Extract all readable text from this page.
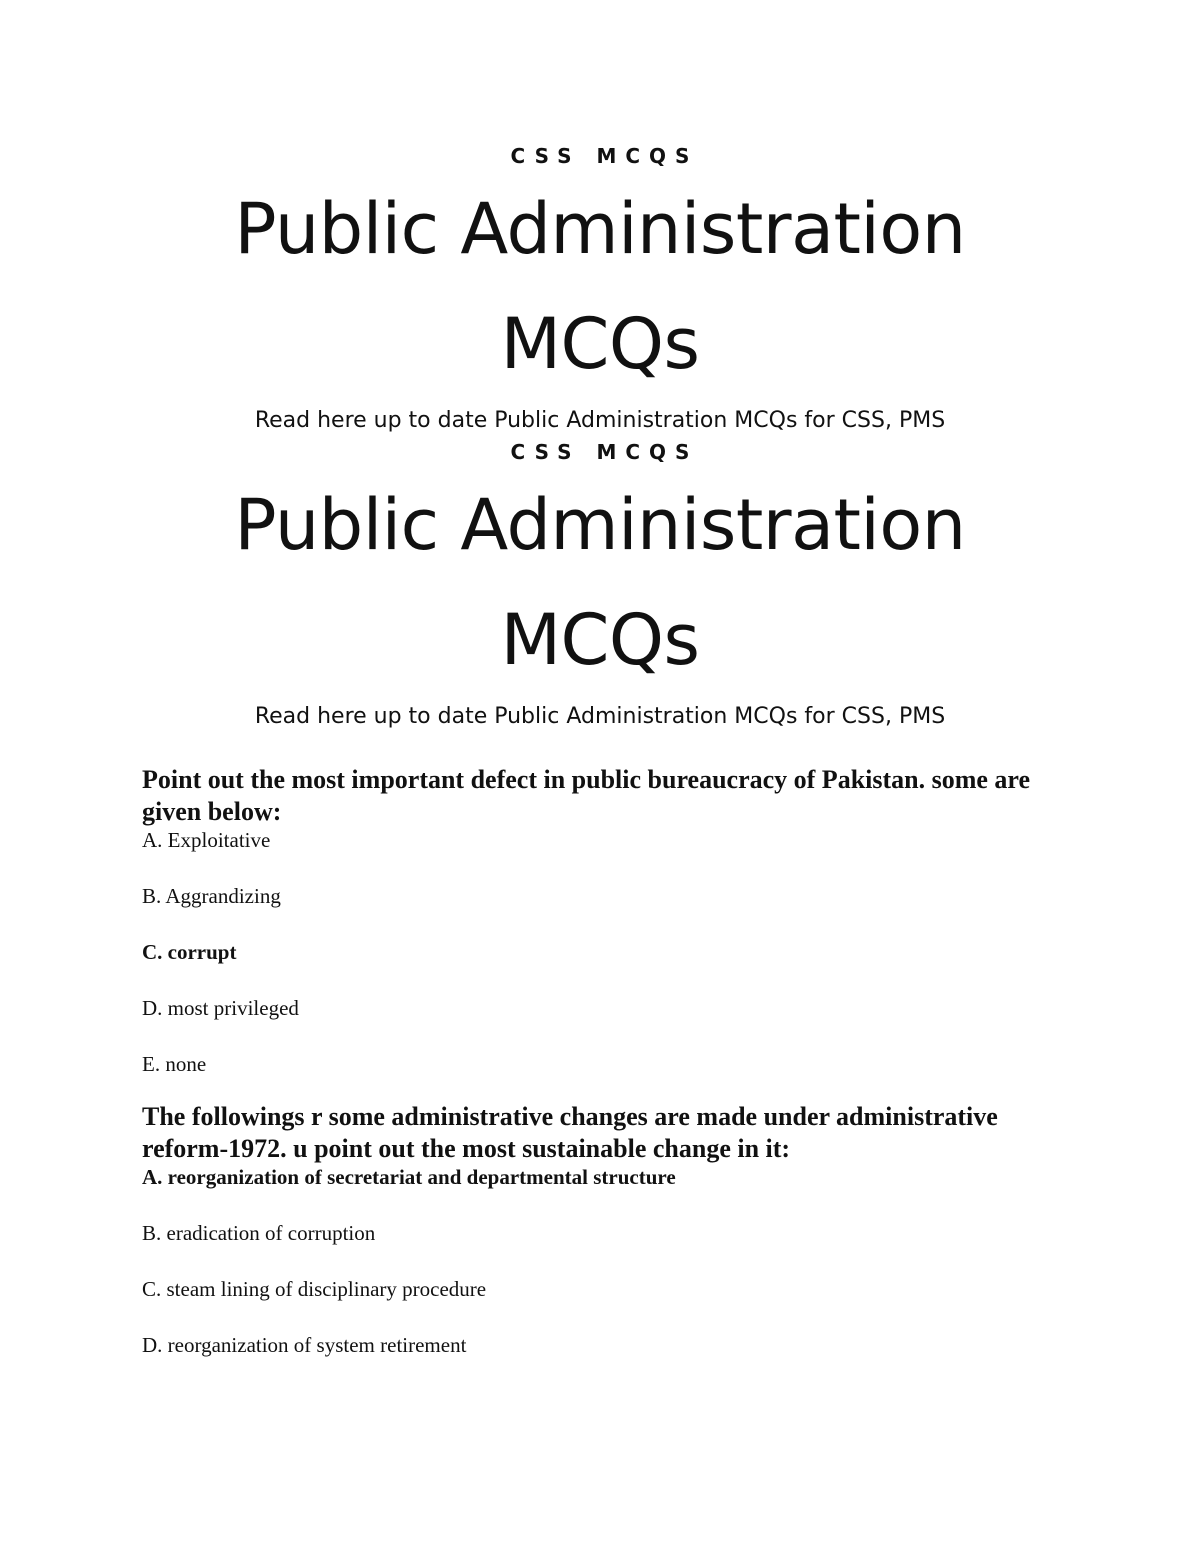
CSS MCQS

Public Administration
MCQs

Read here up to date Public Administration MCQs for CSS, PMS

CSS MCQS

Public Administration
MCQs

Read here up to date Public Administration MCQs for CSS, PMS

Point out the most important defect in public bureaucracy of Pakistan. some are given below:

A. Exploitative

B. Aggrandizing

C. corrupt

D. most privileged

E. none

The followings r some administrative changes are made under administrative reform-1972. u point out the most sustainable change in it:

A. reorganization of secretariat and departmental structure

B. eradication of corruption

C. steam lining of disciplinary procedure

D. reorganization of system retirement
